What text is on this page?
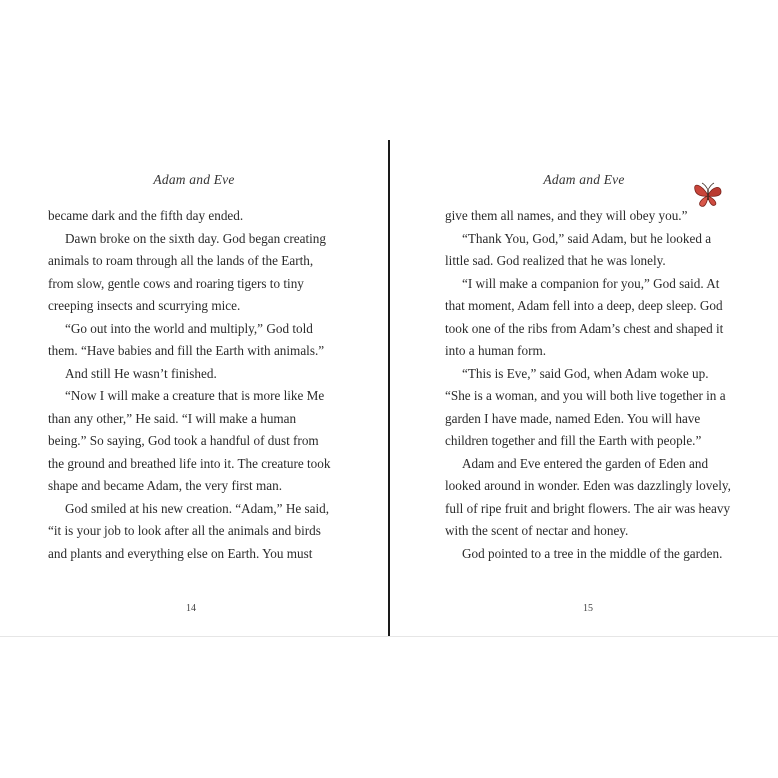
Adam and Eve
became dark and the fifth day ended.
Dawn broke on the sixth day. God began creating
animals to roam through all the lands of the Earth,
from slow, gentle cows and roaring tigers to tiny
creeping insects and scurrying mice.
“Go out into the world and multiply,” God told
them. “Have babies and fill the Earth with animals.”
And still He wasn’t finished.
“Now I will make a creature that is more like Me
than any other,” He said. “I will make a human
being.” So saying, God took a handful of dust from
the ground and breathed life into it. The creature took
shape and became Adam, the very first man.
God smiled at his new creation. “Adam,” He said,
“it is your job to look after all the animals and birds
and plants and everything else on Earth. You must
14
Adam and Eve
give them all names, and they will obey you.”
“Thank You, God,” said Adam, but he looked a
little sad. God realized that he was lonely.
“I will make a companion for you,” God said. At
that moment, Adam fell into a deep, deep sleep. God
took one of the ribs from Adam’s chest and shaped it
into a human form.
“This is Eve,” said God, when Adam woke up.
“She is a woman, and you will both live together in a
garden I have made, named Eden. You will have
children together and fill the Earth with people.”
Adam and Eve entered the garden of Eden and
looked around in wonder. Eden was dazzlingly lovely,
full of ripe fruit and bright flowers. The air was heavy
with the scent of nectar and honey.
God pointed to a tree in the middle of the garden.
15
